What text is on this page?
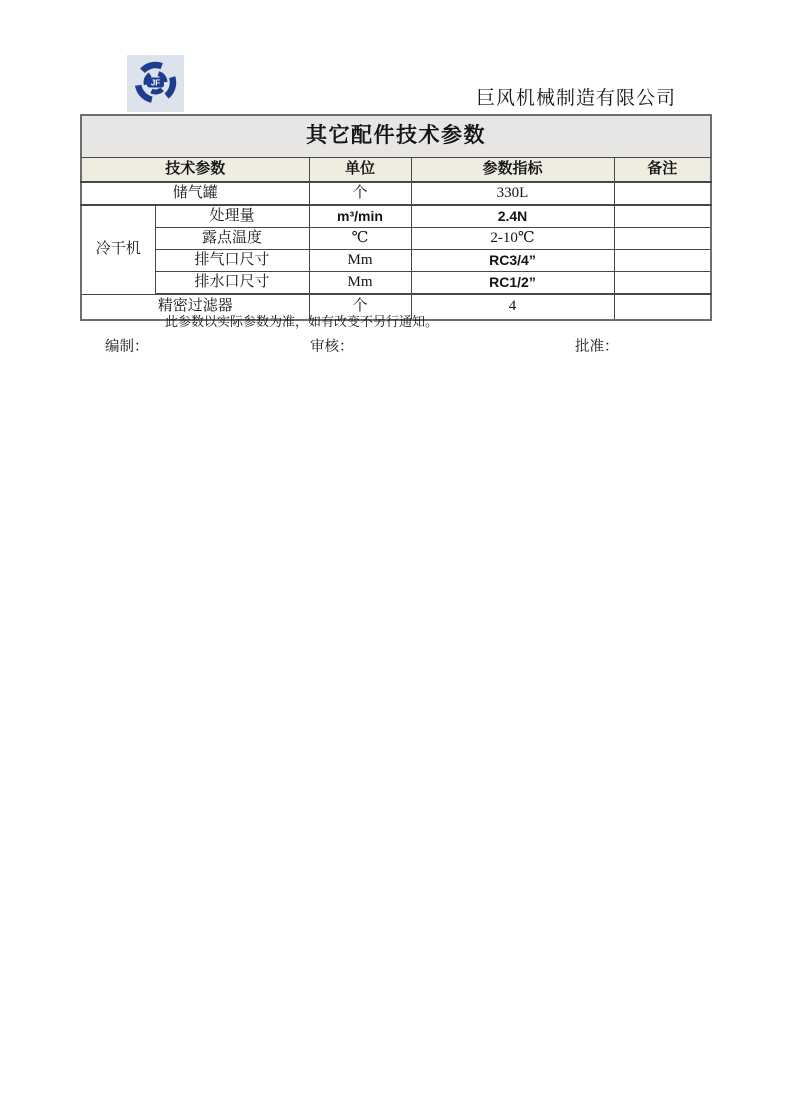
JF
巨风机械制造有限公司
其它配件技术参数				
技术参数		单位	参数指标	备注
储气罐		个	330L	
冷干机	处理量	m³/min	2.4N	
	露点温度	℃	2-10℃	
	排气口尺寸	Mm	RC3/4”	
	排水口尺寸	Mm	RC1/2”	
精密过滤器		个	4	
此参数以实际参数为准，如有改变不另行通知。
编制：	审核：	批准：
